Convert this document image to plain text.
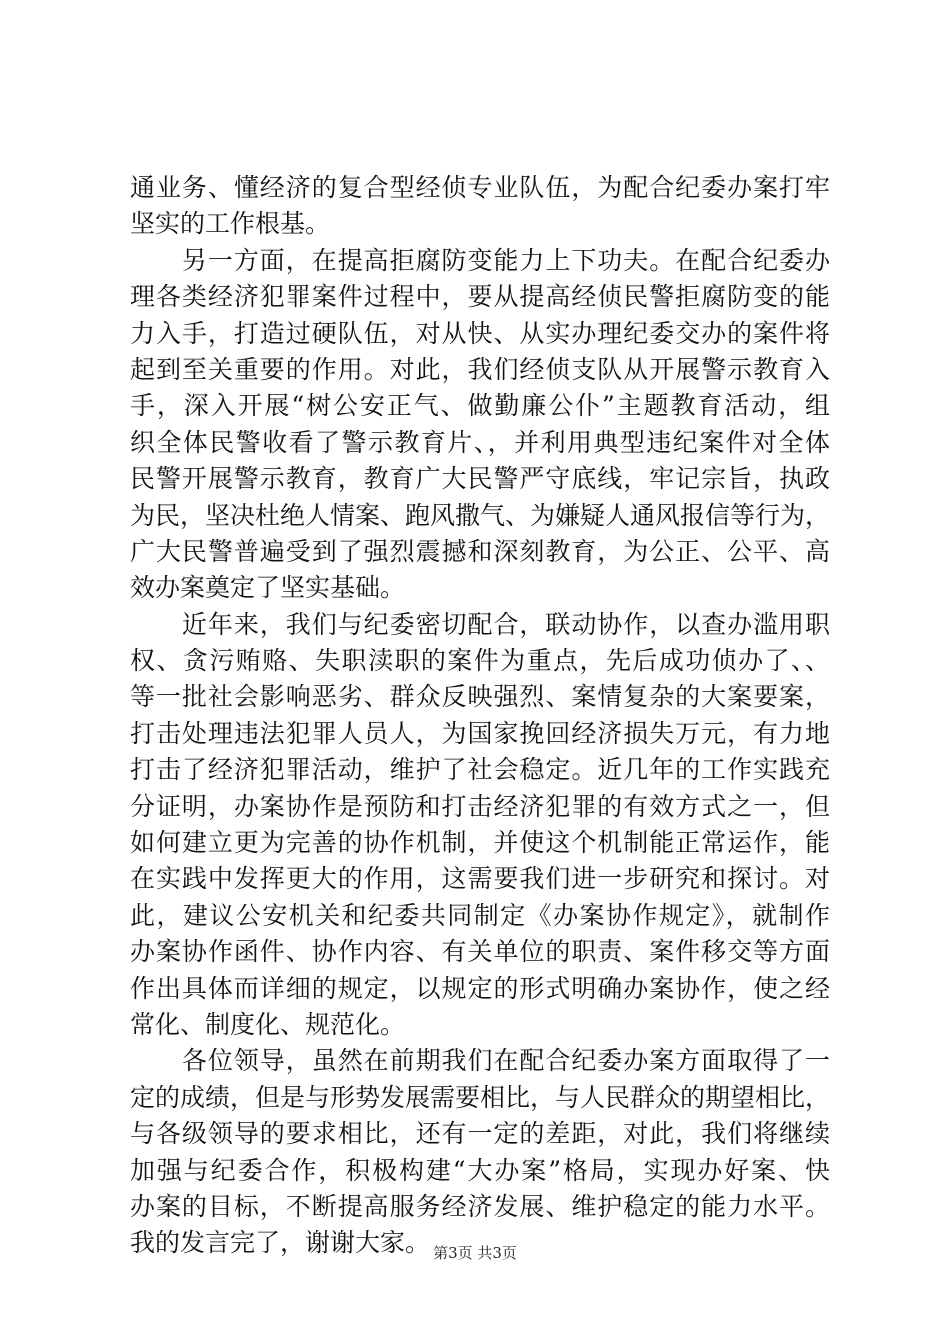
通业务、懂经济的复合型经侦专业队伍，为配合纪委办案打牢
坚实的工作根基。
　　另一方面，在提高拒腐防变能力上下功夫。在配合纪委办
理各类经济犯罪案件过程中，要从提高经侦民警拒腐防变的能
力入手，打造过硬队伍，对从快、从实办理纪委交办的案件将
起到至关重要的作用。对此，我们经侦支队从开展警示教育入
手，深入开展“树公安正气、做勤廉公仆”主题教育活动，组
织全体民警收看了警示教育片、，并利用典型违纪案件对全体
民警开展警示教育，教育广大民警严守底线，牢记宗旨，执政
为民，坚决杜绝人情案、跑风撒气、为嫌疑人通风报信等行为，
广大民警普遍受到了强烈震撼和深刻教育，为公正、公平、高
效办案奠定了坚实基础。
　　近年来，我们与纪委密切配合，联动协作，以查办滥用职
权、贪污贿赂、失职渎职的案件为重点，先后成功侦办了、、
等一批社会影响恶劣、群众反映强烈、案情复杂的大案要案，
打击处理违法犯罪人员人，为国家挽回经济损失万元，有力地
打击了经济犯罪活动，维护了社会稳定。近几年的工作实践充
分证明，办案协作是预防和打击经济犯罪的有效方式之一，但
如何建立更为完善的协作机制，并使这个机制能正常运作，能
在实践中发挥更大的作用，这需要我们进一步研究和探讨。对
此，建议公安机关和纪委共同制定《办案协作规定》，就制作
办案协作函件、协作内容、有关单位的职责、案件移交等方面
作出具体而详细的规定，以规定的形式明确办案协作，使之经
常化、制度化、规范化。
　　各位领导，虽然在前期我们在配合纪委办案方面取得了一
定的成绩，但是与形势发展需要相比，与人民群众的期望相比，
与各级领导的要求相比，还有一定的差距，对此，我们将继续
加强与纪委合作，积极构建“大办案”格局，实现办好案、快
办案的目标，不断提高服务经济发展、维护稳定的能力水平。
我的发言完了，谢谢大家。 第3页 共3页
